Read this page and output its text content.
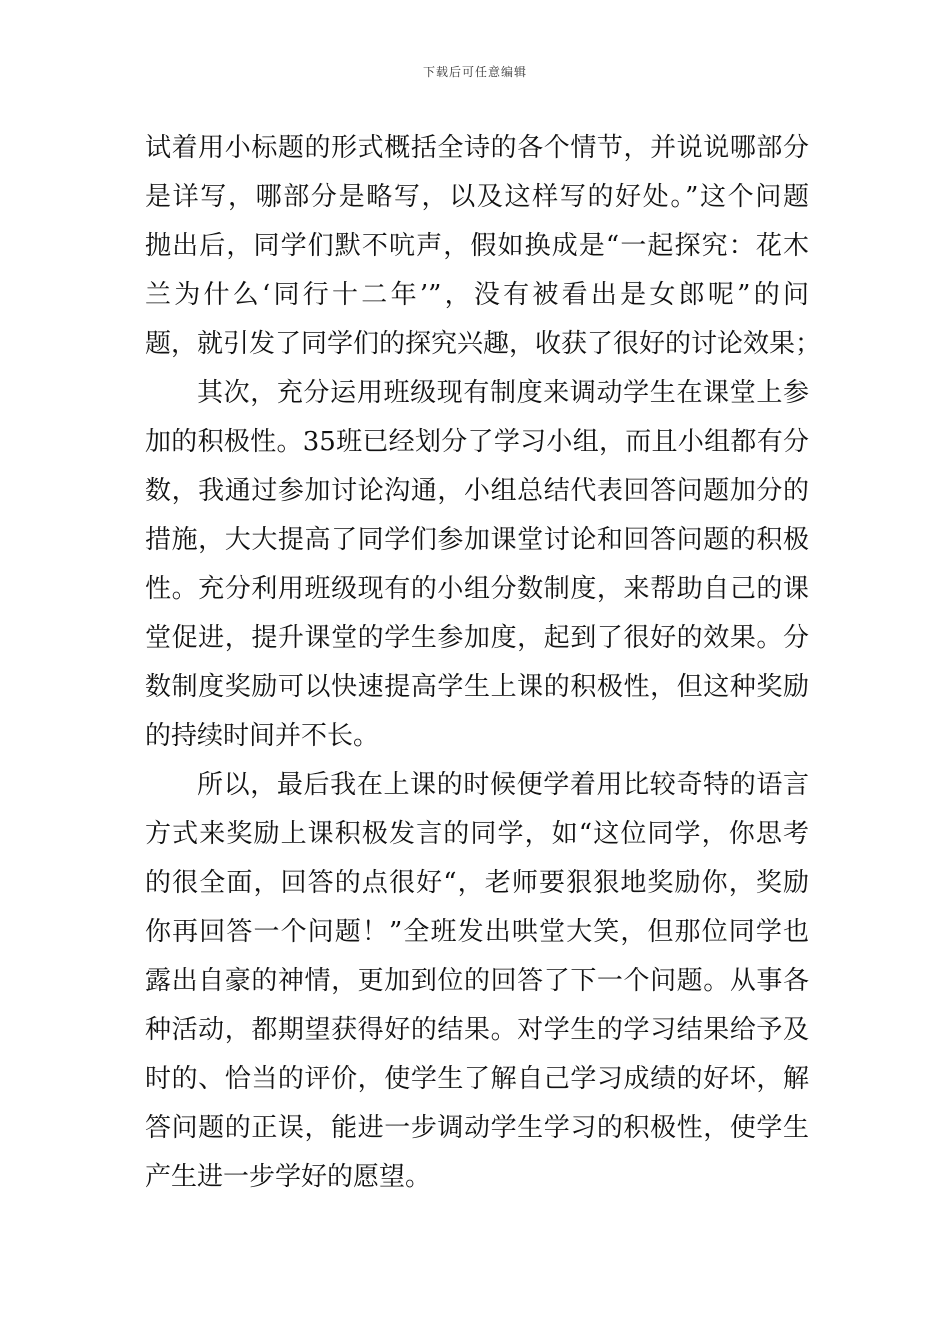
下载后可任意编辑
试着用小标题的形式概括全诗的各个情节，并说说哪部分
是详写，哪部分是略写，以及这样写的好处。”这个问题
抛出后，同学们默不吭声，假如换成是“一起探究：花木
兰为什么‘同行十二年’”，没有被看出是女郎呢”的问
题，就引发了同学们的探究兴趣，收获了很好的讨论效果；
其次，充分运用班级现有制度来调动学生在课堂上参
加的积极性。35班已经划分了学习小组，而且小组都有分
数，我通过参加讨论沟通，小组总结代表回答问题加分的
措施，大大提高了同学们参加课堂讨论和回答问题的积极
性。充分利用班级现有的小组分数制度，来帮助自己的课
堂促进，提升课堂的学生参加度，起到了很好的效果。分
数制度奖励可以快速提高学生上课的积极性，但这种奖励
的持续时间并不长。
所以，最后我在上课的时候便学着用比较奇特的语言
方式来奖励上课积极发言的同学，如“这位同学，你思考
的很全面，回答的点很好“，老师要狠狠地奖励你，奖励
你再回答一个问题！”全班发出哄堂大笑，但那位同学也
露出自豪的神情，更加到位的回答了下一个问题。从事各
种活动，都期望获得好的结果。对学生的学习结果给予及
时的、恰当的评价，使学生了解自己学习成绩的好坏，解
答问题的正误，能进一步调动学生学习的积极性，使学生
产生进一步学好的愿望。
